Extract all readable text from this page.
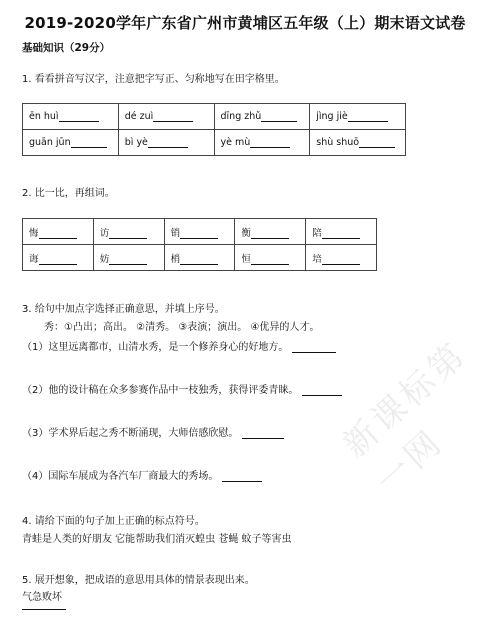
2019-2020学年广东省广州市黄埔区五年级（上）期末语文试卷
基础知识（29分）
1. 看看拼音写汉字，注意把字写正、匀称地写在田字格里。
ēn huì	dé zuì	dīng zhǔ	jìng jiè
guān jūn	bì yè	yè mù	shù shuō
2. 比一比，再组词。
悔	访	销	衡	陪
诲	妨	梢	恒	培
3. 给句中加点字选择正确意思，并填上序号。
秀：①凸出；高出。 ②清秀。 ③表演；演出。 ④优异的人才。
（1）这里远离都市，山清水秀，是一个修养身心的好地方。
（2）他的设计稿在众多参赛作品中一枝独秀，获得评委青睐。
（3）学术界后起之秀不断涌现，大师倍感欣慰。
（4）国际车展成为各汽车厂商最大的秀场。
4. 请给下面的句子加上正确的标点符号。
青蛙是人类的好朋友 它能帮助我们消灭蝗虫 苍蝇 蚊子等害虫
5. 展开想象，把成语的意思用具体的情景表现出来。
气急败坏
新课标第一网
